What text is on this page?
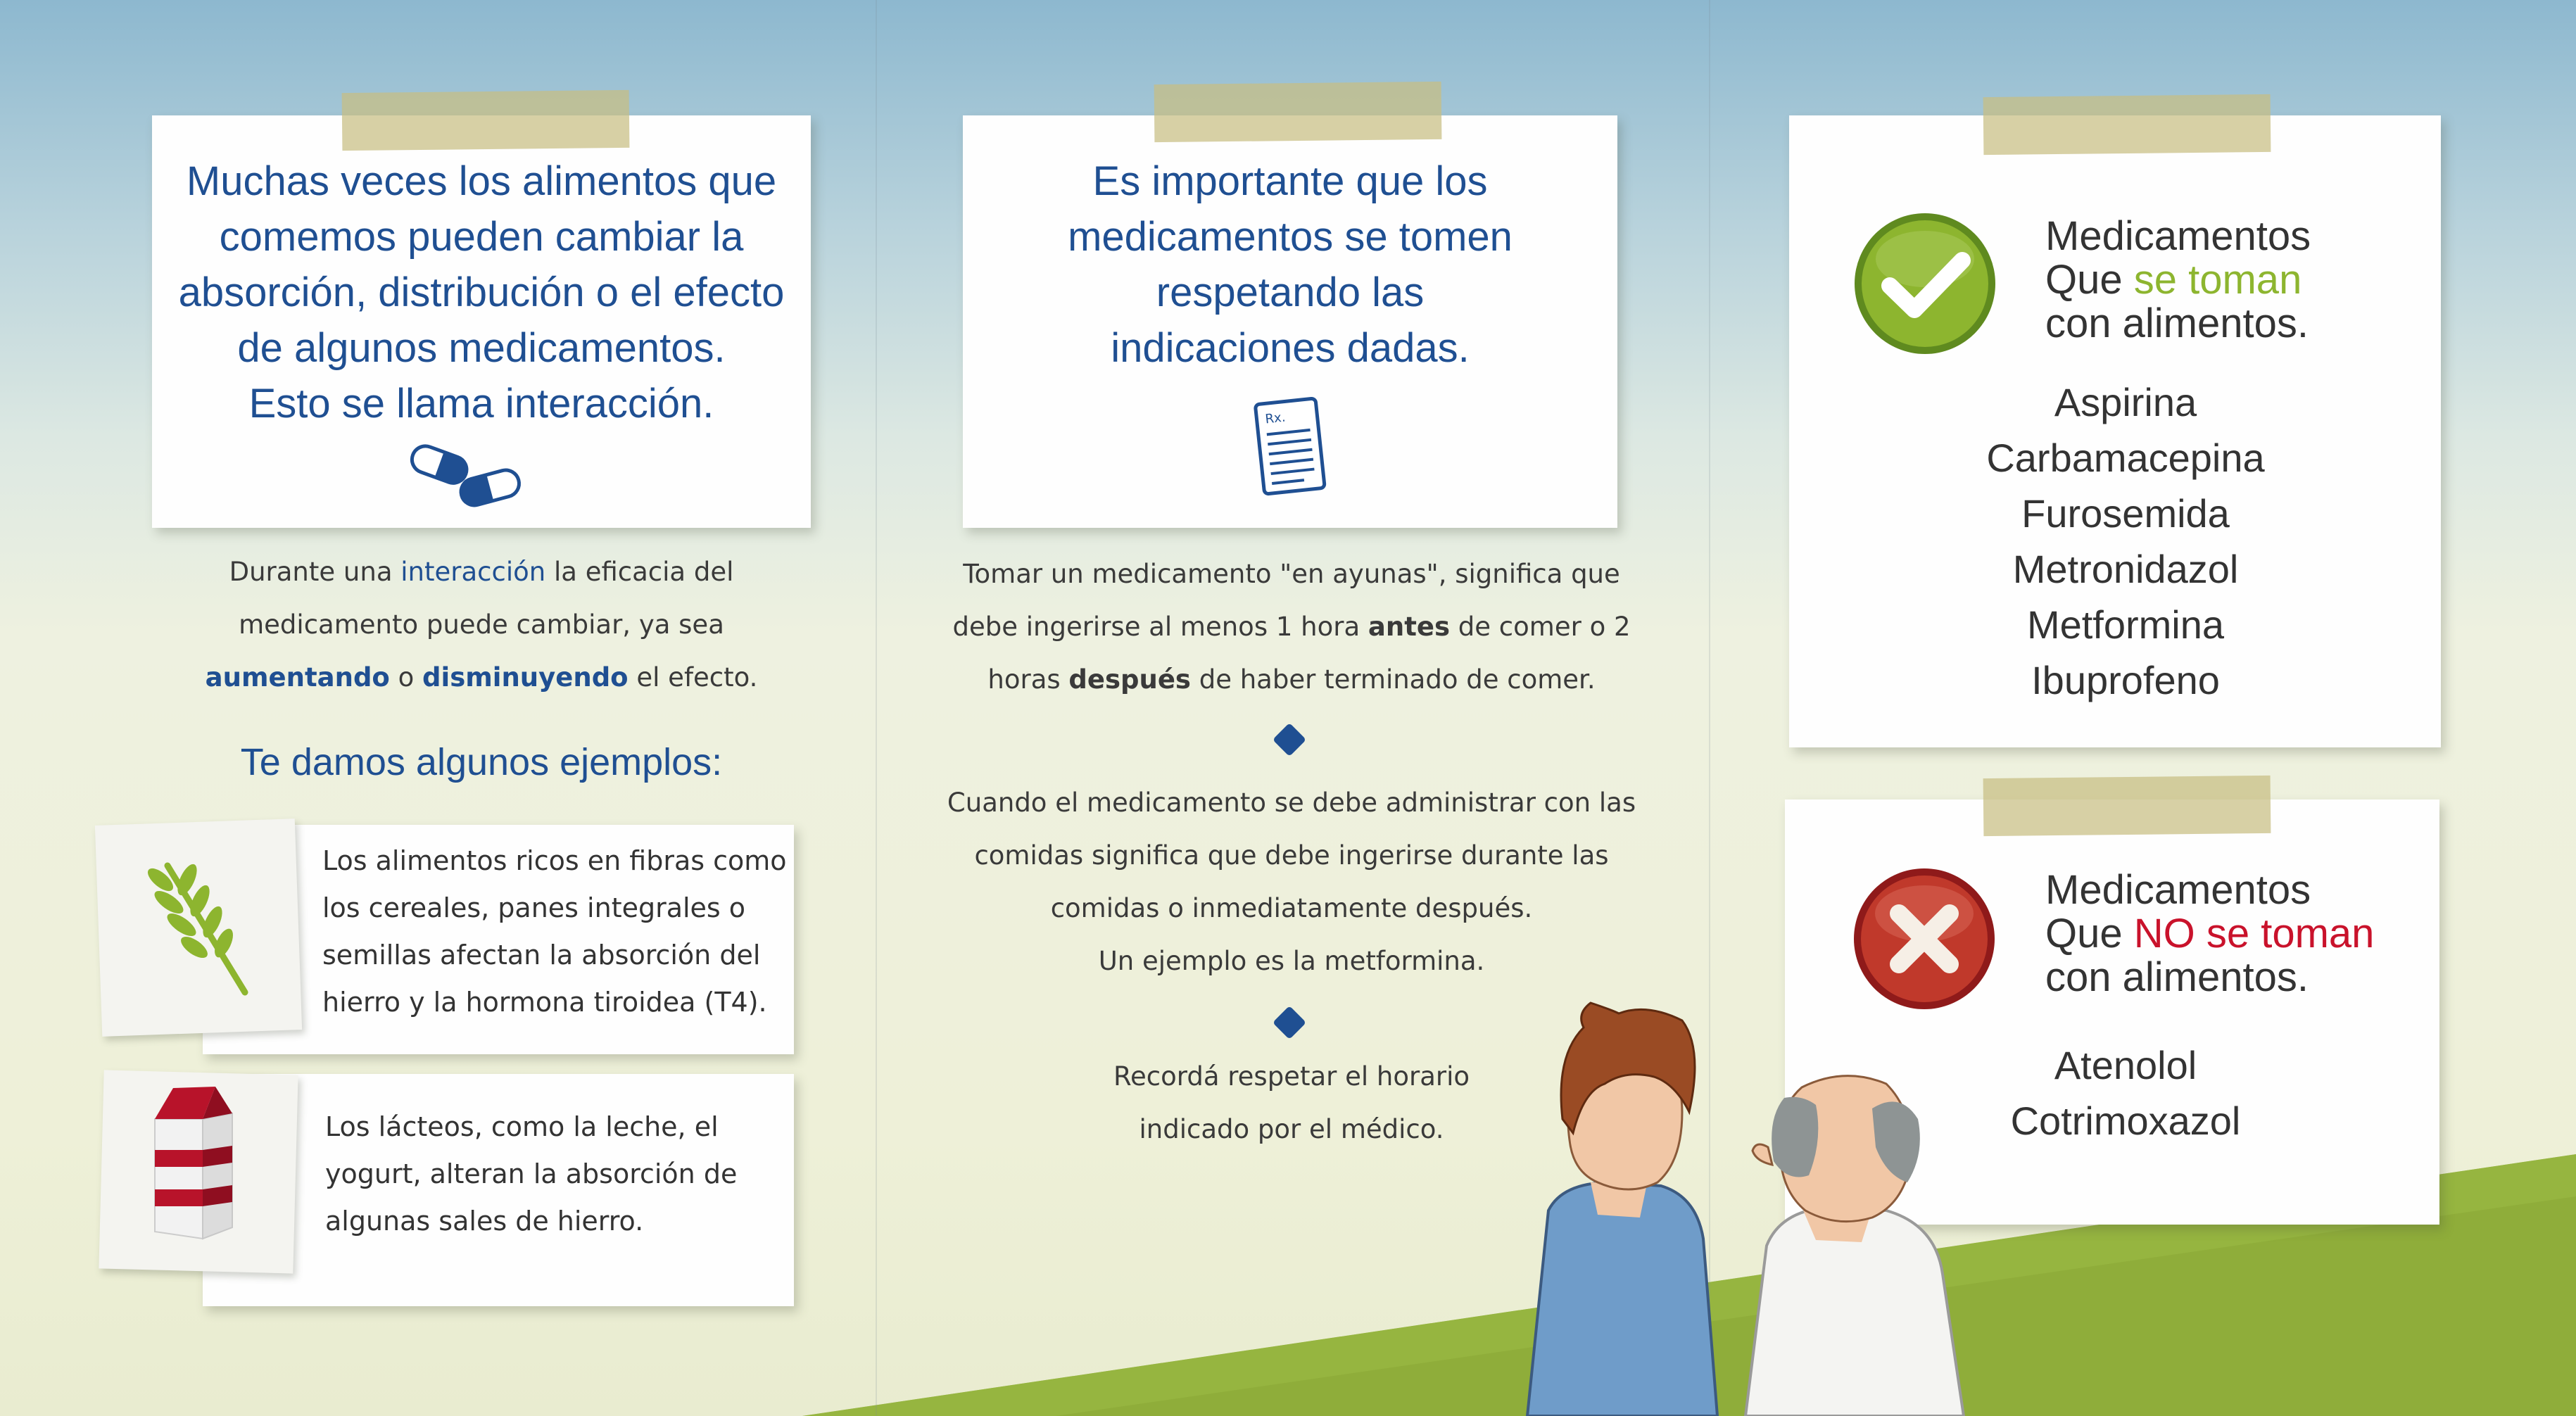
Muchas veces los alimentos que
comemos pueden cambiar la
absorción, distribución o el efecto
de algunos medicamentos.
Esto se llama interacción.
Durante una interacción la eficacia del
medicamento puede cambiar, ya sea
aumentando o disminuyendo el efecto.
Te damos algunos ejemplos:
Los alimentos ricos en fibras como
los cereales, panes integrales o
semillas afectan la absorción del
hierro y la hormona tiroidea (T4).
Los lácteos, como la leche, el
yogurt, alteran la absorción de
algunas sales de hierro.
Es importante que los
medicamentos se tomen
respetando las
indicaciones dadas.
Rx.
Tomar un medicamento "en ayunas", significa que
debe ingerirse al menos 1 hora antes de comer o 2
horas después de haber terminado de comer.
Cuando el medicamento se debe administrar con las
comidas significa que debe ingerirse durante las
comidas o inmediatamente después.
Un ejemplo es la metformina.
Recordá respetar el horario
indicado por el médico.
Medicamentos
Que se toman
con alimentos.
Aspirina
Carbamacepina
Furosemida
Metronidazol
Metformina
Ibuprofeno
Medicamentos
Que NO se toman
con alimentos.
Atenolol
Cotrimoxazol
